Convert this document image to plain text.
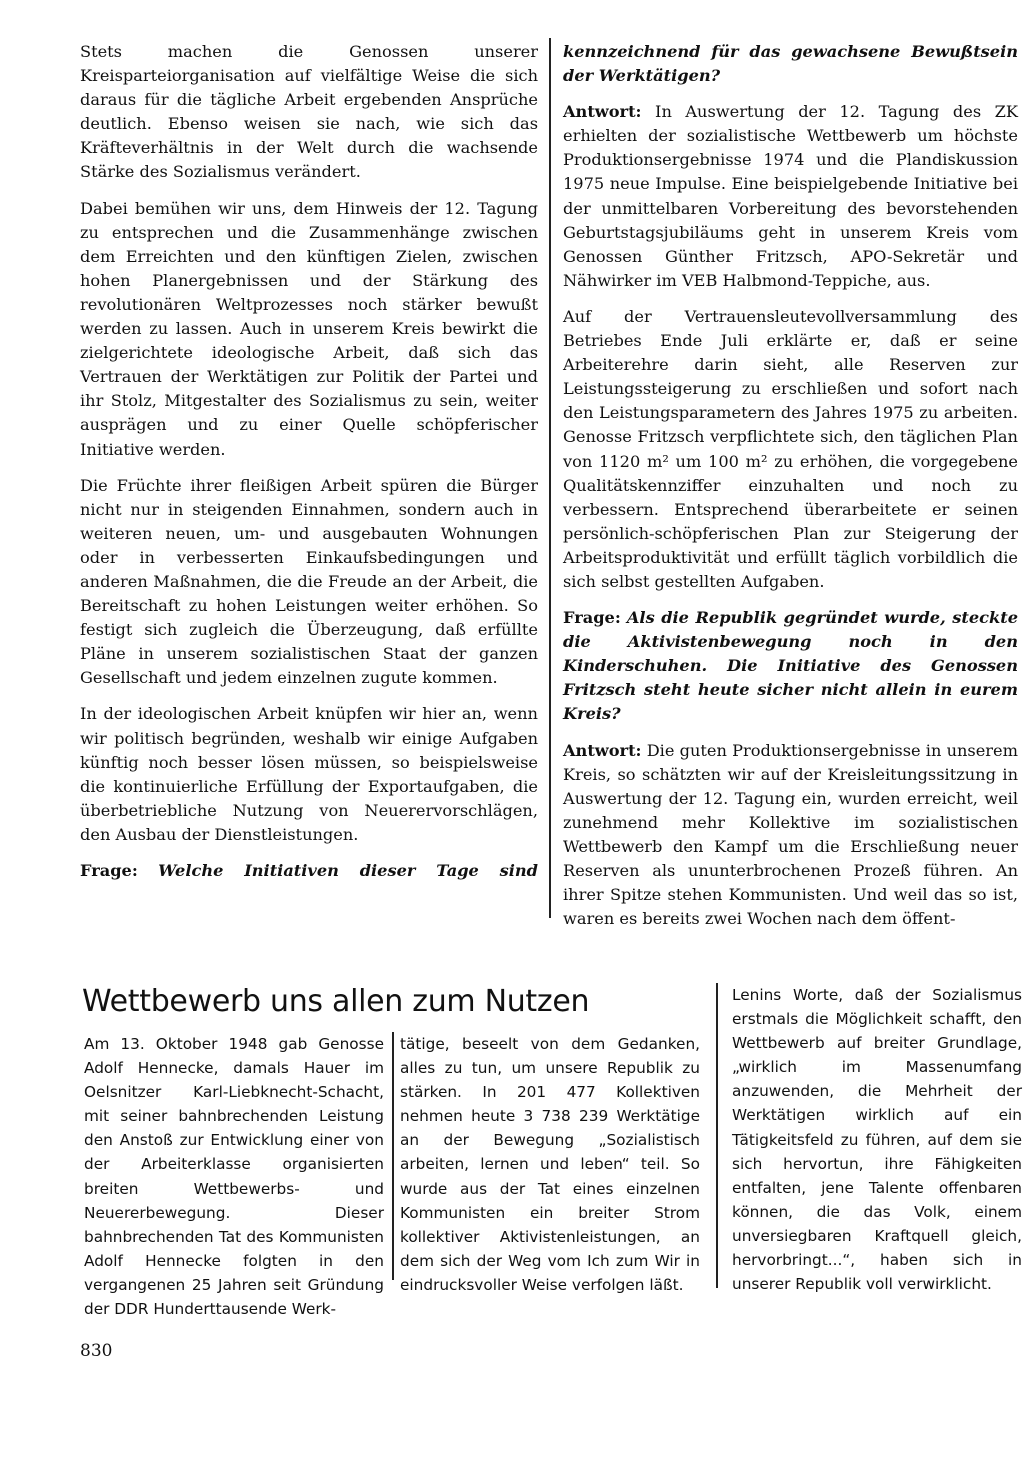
Stets machen die Genossen unserer Kreisparteiorganisation auf vielfältige Weise die sich daraus für die tägliche Arbeit ergebenden Ansprüche deutlich. Ebenso weisen sie nach, wie sich das Kräfteverhältnis in der Welt durch die wachsende Stärke des Sozialismus verändert.

Dabei bemühen wir uns, dem Hinweis der 12. Tagung zu entsprechen und die Zusammenhänge zwischen dem Erreichten und den künftigen Zielen, zwischen hohen Planergebnissen und der Stärkung des revolutionären Weltprozesses noch stärker bewußt werden zu lassen. Auch in unserem Kreis bewirkt die zielgerichtete ideologische Arbeit, daß sich das Vertrauen der Werktätigen zur Politik der Partei und ihr Stolz, Mitgestalter des Sozialismus zu sein, weiter ausprägen und zu einer Quelle schöpferischer Initiative werden.

Die Früchte ihrer fleißigen Arbeit spüren die Bürger nicht nur in steigenden Einnahmen, sondern auch in weiteren neuen, um- und ausgebauten Wohnungen oder in verbesserten Einkaufsbedingungen und anderen Maßnahmen, die die Freude an der Arbeit, die Bereitschaft zu hohen Leistungen weiter erhöhen. So festigt sich zugleich die Überzeugung, daß erfüllte Pläne in unserem sozialistischen Staat der ganzen Gesellschaft und jedem einzelnen zugute kommen.

In der ideologischen Arbeit knüpfen wir hier an, wenn wir politisch begründen, weshalb wir einige Aufgaben künftig noch besser lösen müssen, so beispielsweise die kontinuierliche Erfüllung der Exportaufgaben, die überbetriebliche Nutzung von Neuerervorschlägen, den Ausbau der Dienstleistungen.

Frage: Welche Initiativen dieser Tage sind

kennzeichnend für das gewachsene Bewußtsein der Werktätigen?

Antwort: In Auswertung der 12. Tagung des ZK erhielten der sozialistische Wettbewerb um höchste Produktionsergebnisse 1974 und die Plandiskussion 1975 neue Impulse. Eine beispielgebende Initiative bei der unmittelbaren Vorbereitung des bevorstehenden Geburtstagsjubiläums geht in unserem Kreis vom Genossen Günther Fritzsch, APO-Sekretär und Nähwirker im VEB Halbmond-Teppiche, aus.

Auf der Vertrauensleutevollversammlung des Betriebes Ende Juli erklärte er, daß er seine Arbeiterehre darin sieht, alle Reserven zur Leistungssteigerung zu erschließen und sofort nach den Leistungsparametern des Jahres 1975 zu arbeiten. Genosse Fritzsch verpflichtete sich, den täglichen Plan von 1120 m² um 100 m² zu erhöhen, die vorgegebene Qualitätskennziffer einzuhalten und noch zu verbessern. Entsprechend überarbeitete er seinen persönlich-schöpferischen Plan zur Steigerung der Arbeitsproduktivität und erfüllt täglich vorbildlich die sich selbst gestellten Aufgaben.

Frage: Als die Republik gegründet wurde, steckte die Aktivistenbewegung noch in den Kinderschuhen. Die Initiative des Genossen Fritzsch steht heute sicher nicht allein in eurem Kreis?

Antwort: Die guten Produktionsergebnisse in unserem Kreis, so schätzten wir auf der Kreisleitungssitzung in Auswertung der 12. Tagung ein, wurden erreicht, weil zunehmend mehr Kollektive im sozialistischen Wettbewerb den Kampf um die Erschließung neuer Reserven als ununterbrochenen Prozeß führen. An ihrer Spitze stehen Kommunisten. Und weil das so ist, waren es bereits zwei Wochen nach dem öffent-

Wettbewerb uns allen zum Nutzen
Am 13. Oktober 1948 gab Genosse Adolf Hennecke, damals Hauer im Oelsnitzer Karl-Liebknecht-Schacht, mit seiner bahnbrechenden Leistung den Anstoß zur Entwicklung einer von der Arbeiterklasse organisierten breiten Wettbewerbs- und Neuererbewegung. Dieser bahnbrechenden Tat des Kommunisten Adolf Hennecke folgten in den vergangenen 25 Jahren seit Gründung der DDR Hunderttausende Werk-
tätige, beseelt von dem Gedanken, alles zu tun, um unsere Republik zu stärken. In 201 477 Kollektiven nehmen heute 3 738 239 Werktätige an der Bewegung „Sozialistisch arbeiten, lernen und leben“ teil. So wurde aus der Tat eines einzelnen Kommunisten ein breiter Strom kollektiver Aktivistenleistungen, an dem sich der Weg vom Ich zum Wir in eindrucksvoller Weise verfolgen läßt.
Lenins Worte, daß der Sozialismus erstmals die Möglichkeit schafft, den Wettbewerb auf breiter Grundlage, „wirklich im Massenumfang anzuwenden, die Mehrheit der Werktätigen wirklich auf ein Tätigkeitsfeld zu führen, auf dem sie sich hervortun, ihre Fähigkeiten entfalten, jene Talente offenbaren können, die das Volk, einem unversiegbaren Kraftquell gleich, hervorbringt...“, haben sich in unserer Republik voll verwirklicht.
830
